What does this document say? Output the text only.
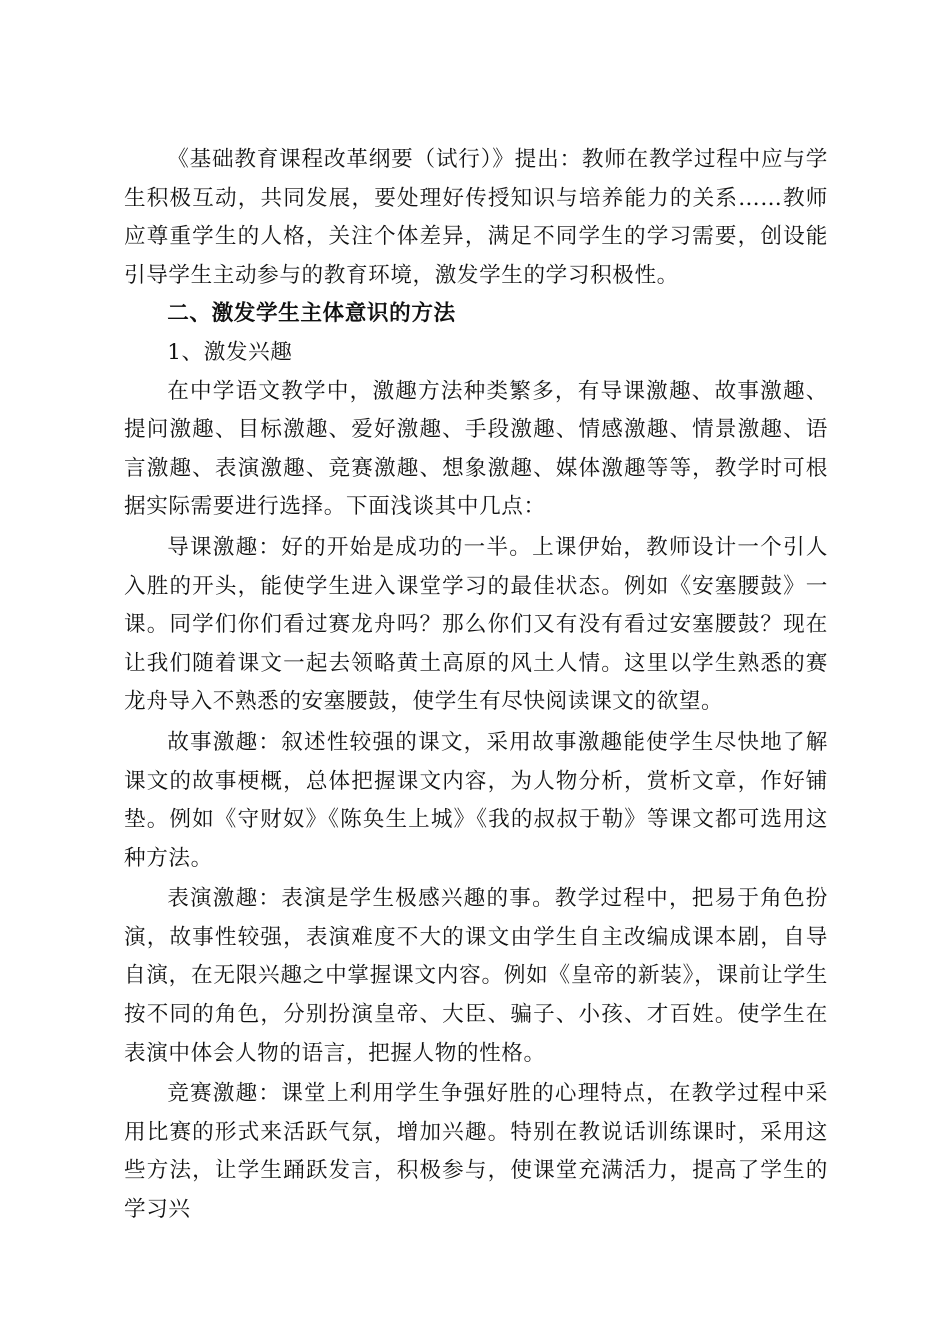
《基础教育课程改革纲要（试行）》提出：教师在教学过程中应与学生积极互动，共同发展，要处理好传授知识与培养能力的关系……教师应尊重学生的人格，关注个体差异，满足不同学生的学习需要，创设能引导学生主动参与的教育环境，激发学生的学习积极性。

二、激发学生主体意识的方法

1、激发兴趣

在中学语文教学中，激趣方法种类繁多，有导课激趣、故事激趣、提问激趣、目标激趣、爱好激趣、手段激趣、情感激趣、情景激趣、语言激趣、表演激趣、竞赛激趣、想象激趣、媒体激趣等等，教学时可根据实际需要进行选择。下面浅谈其中几点：

导课激趣：好的开始是成功的一半。上课伊始，教师设计一个引人入胜的开头，能使学生进入课堂学习的最佳状态。例如《安塞腰鼓》一课。同学们你们看过赛龙舟吗？那么你们又有没有看过安塞腰鼓？现在让我们随着课文一起去领略黄土高原的风土人情。这里以学生熟悉的赛龙舟导入不熟悉的安塞腰鼓，使学生有尽快阅读课文的欲望。

故事激趣：叙述性较强的课文，采用故事激趣能使学生尽快地了解课文的故事梗概，总体把握课文内容，为人物分析，赏析文章，作好铺垫。例如《守财奴》《陈奂生上城》《我的叔叔于勒》等课文都可选用这种方法。

表演激趣：表演是学生极感兴趣的事。教学过程中，把易于角色扮演，故事性较强，表演难度不大的课文由学生自主改编成课本剧，自导自演，在无限兴趣之中掌握课文内容。例如《皇帝的新装》，课前让学生按不同的角色，分别扮演皇帝、大臣、骗子、小孩、才百姓。使学生在表演中体会人物的语言，把握人物的性格。

竞赛激趣：课堂上利用学生争强好胜的心理特点，在教学过程中采用比赛的形式来活跃气氛，增加兴趣。特别在教说话训练课时，采用这些方法，让学生踊跃发言，积极参与，使课堂充满活力，提高了学生的学习兴
